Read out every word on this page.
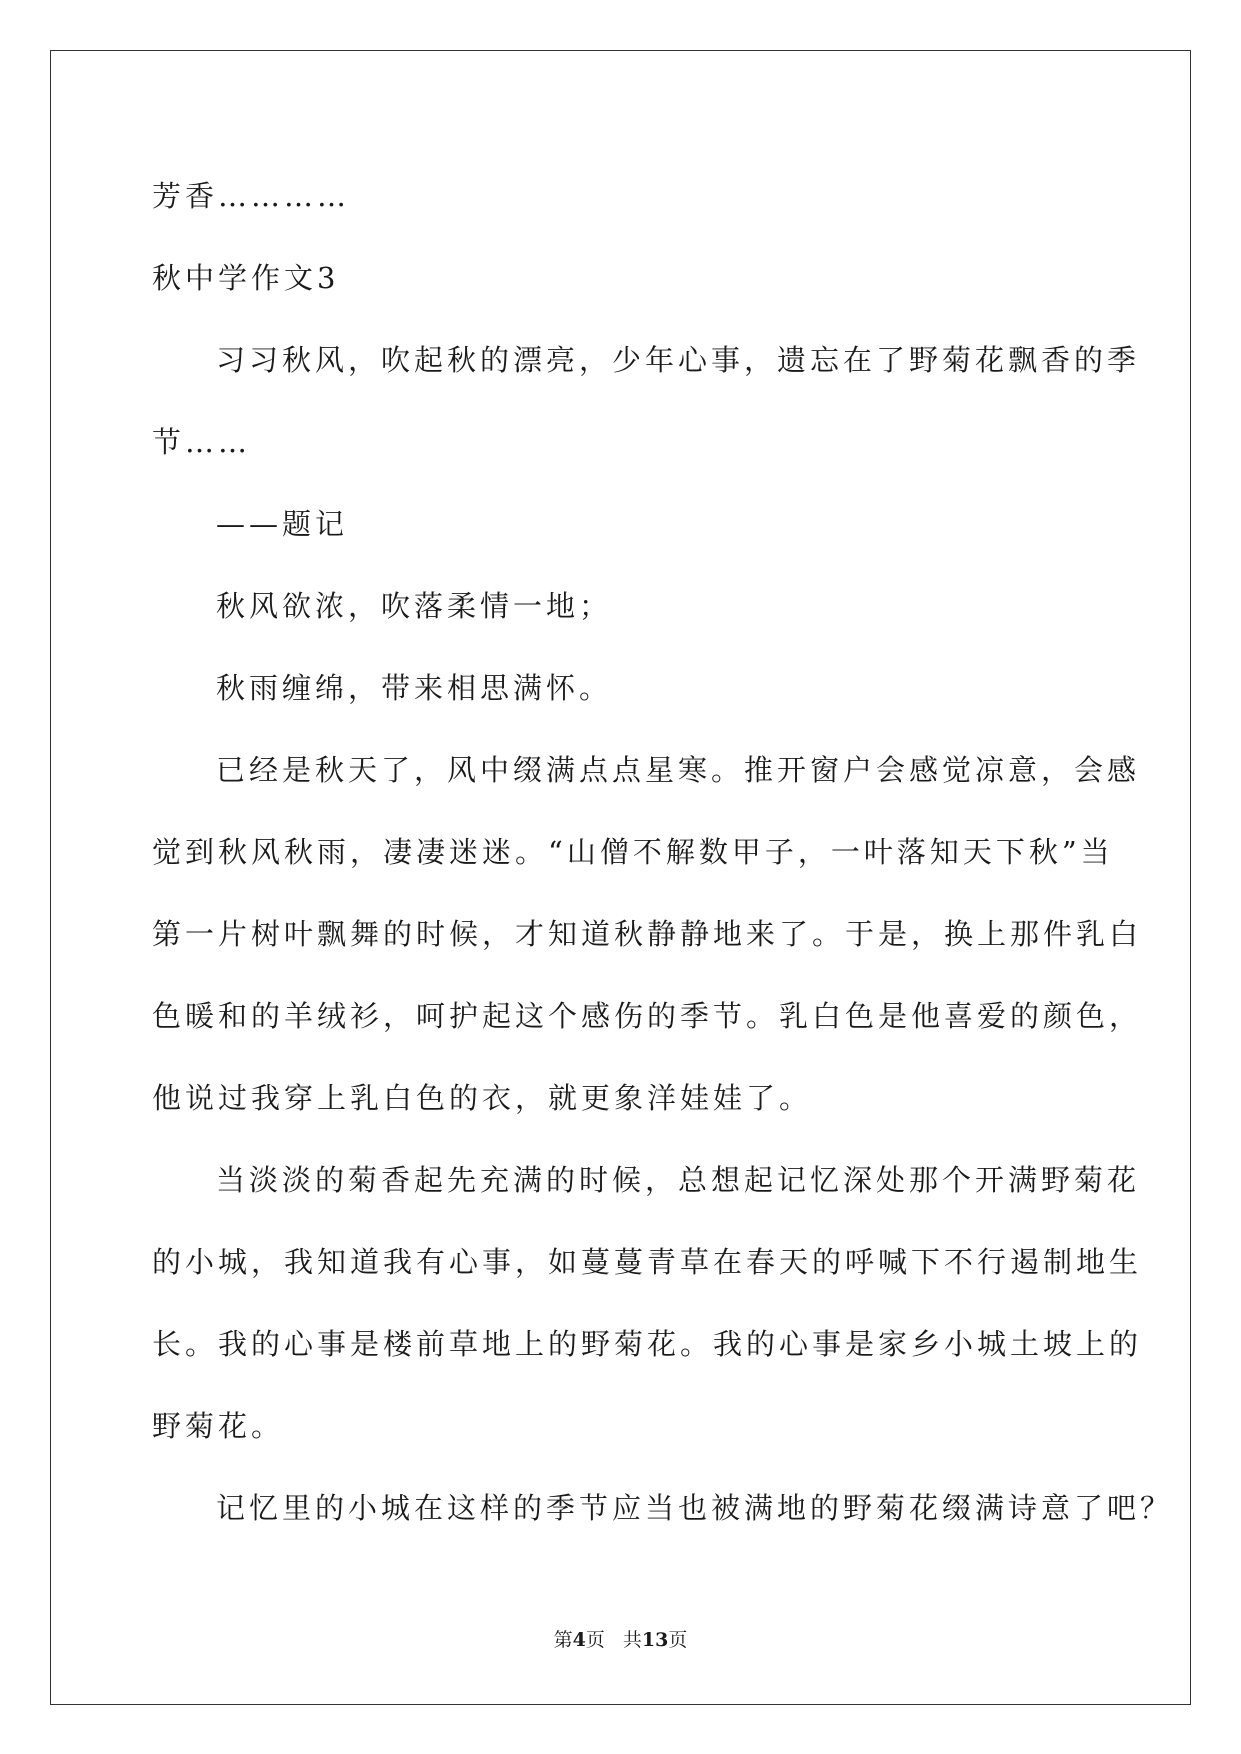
芳香…………
秋中学作文3
习习秋风，吹起秋的漂亮，少年心事，遗忘在了野菊花飘香的季
节……
——题记
秋风欲浓，吹落柔情一地；
秋雨缠绵，带来相思满怀。
已经是秋天了，风中缀满点点星寒。推开窗户会感觉凉意，会感
觉到秋风秋雨，凄凄迷迷。“山僧不解数甲子，一叶落知天下秋”当
第一片树叶飘舞的时候，才知道秋静静地来了。于是，换上那件乳白
色暖和的羊绒衫，呵护起这个感伤的季节。乳白色是他喜爱的颜色，
他说过我穿上乳白色的衣，就更象洋娃娃了。
当淡淡的菊香起先充满的时候，总想起记忆深处那个开满野菊花
的小城，我知道我有心事，如蔓蔓青草在春天的呼喊下不行遏制地生
长。我的心事是楼前草地上的野菊花。我的心事是家乡小城土坡上的
野菊花。
记忆里的小城在这样的季节应当也被满地的野菊花缀满诗意了吧？
第4页 共13页
